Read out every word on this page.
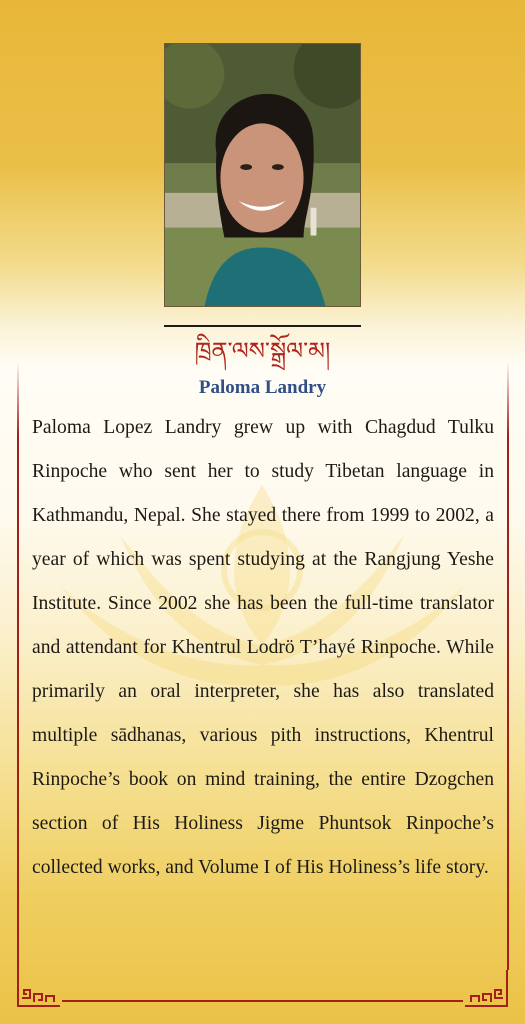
ཁྲིན་ལས་སྒྲོལ་མ།
Paloma Landry

Paloma Lopez Landry grew up with Chagdud Tulku Rinpoche who sent her to study Tibetan language in Kathmandu, Nepal. She stayed there from 1999 to 2002, a year of which was spent studying at the Rangjung Yeshe Institute. Since 2002 she has been the full-time translator and attendant for Khentrul Lodrö T’hayé Rinpoche. While primarily an oral interpreter, she has also translated multiple sādhanas, various pith instructions, Khentrul Rinpoche’s book on mind training, the entire Dzogchen section of His Holiness Jigme Phuntsok Rinpoche’s collected works, and Volume I of His Holiness’s life story.
